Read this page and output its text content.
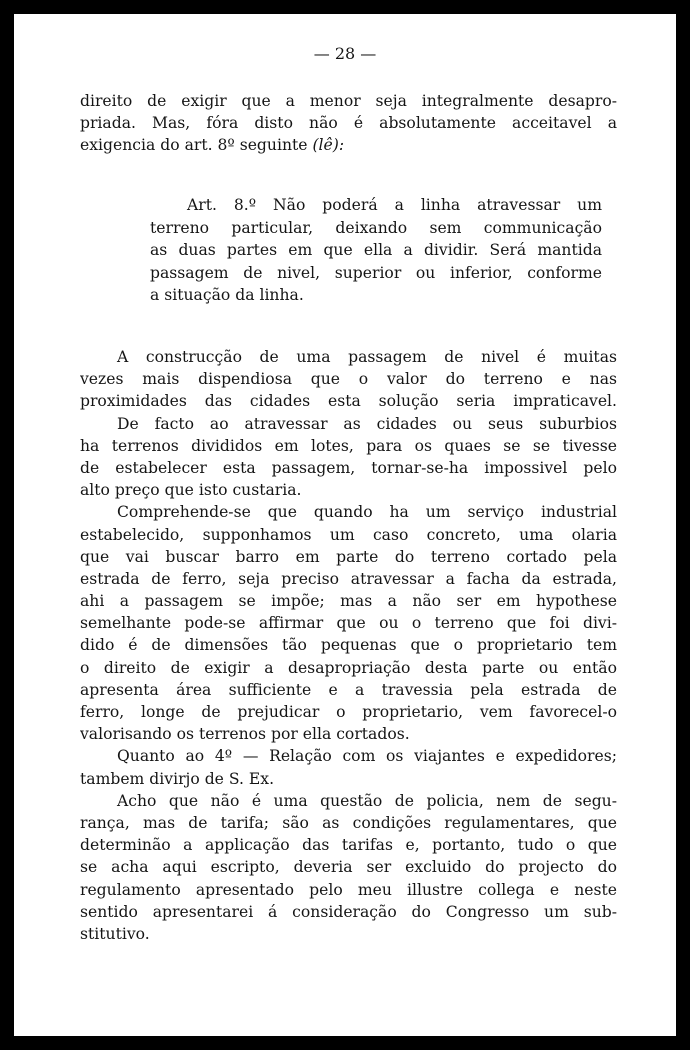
— 28 —
direito de exigir que a menor seja integralmente desapro-
priada. Mas, fóra disto não é absolutamente acceitavel a
exigencia do art. 8º seguinte (lê):
Art. 8.º Não poderá a linha atravessar um
terreno particular, deixando sem communicação
as duas partes em que ella a dividir. Será mantida
passagem de nivel, superior ou inferior, conforme
a situação da linha.
A construcção de uma passagem de nivel é muitas
vezes mais dispendiosa que o valor do terreno e nas
proximidades das cidades esta solução seria impraticavel.
De facto ao atravessar as cidades ou seus suburbios
ha terrenos divididos em lotes, para os quaes se se tivesse
de estabelecer esta passagem, tornar-se-ha impossivel pelo
alto preço que isto custaria.
Comprehende-se que quando ha um serviço industrial
estabelecido, supponhamos um caso concreto, uma olaria
que vai buscar barro em parte do terreno cortado pela
estrada de ferro, seja preciso atravessar a facha da estrada,
ahi a passagem se impõe; mas a não ser em hypothese
semelhante pode-se affirmar que ou o terreno que foi divi-
dido é de dimensões tão pequenas que o proprietario tem
o direito de exigir a desapropriação desta parte ou então
apresenta área sufficiente e a travessia pela estrada de
ferro, longe de prejudicar o proprietario, vem favorecel-o
valorisando os terrenos por ella cortados.
Quanto ao 4º — Relação com os viajantes e expedidores;
tambem divirjo de S. Ex.
Acho que não é uma questão de policia, nem de segu-
rança, mas de tarifa; são as condições regulamentares, que
determinão a applicação das tarifas e, portanto, tudo o que
se acha aqui escripto, deveria ser excluido do projecto do
regulamento apresentado pelo meu illustre collega e neste
sentido apresentarei á consideração do Congresso um sub-
stitutivo.
